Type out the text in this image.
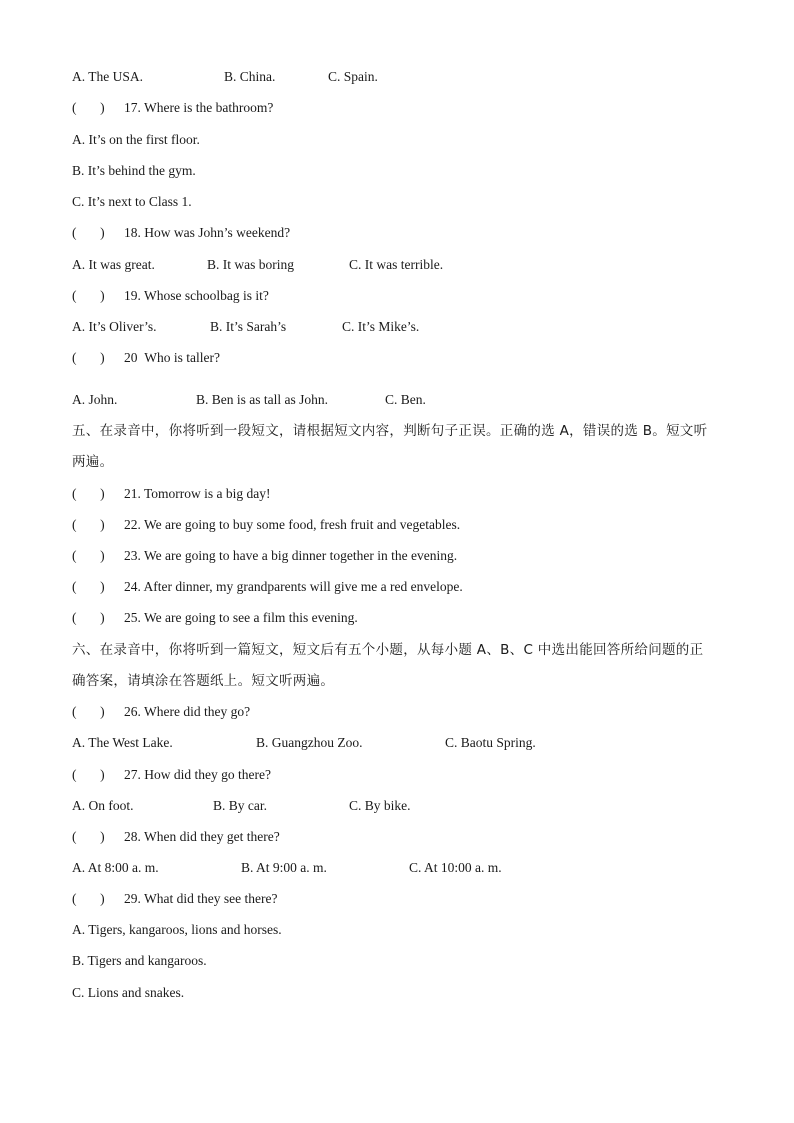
A. The USA.	B. China.	C. Spain.
( ) 17. Where is the bathroom?
A. It’s on the first floor.
B. It’s behind the gym.
C. It’s next to Class 1.
( ) 18. How was John’s weekend?
A. It was great.	B. It was boring	C. It was terrible.
( ) 19. Whose schoolbag is it?
A. It’s Oliver’s.	B. It’s Sarah’s	C. It’s Mike’s.
( ) 20 Who is taller?
A. John.	B. Ben is as tall as John.	C. Ben.
五、在录音中，你将听到一段短文，请根据短文内容，判断句子正误。正确的选 A，错误的选 B。短文听
两遍。
(       ) 21. Tomorrow is a big day!
(       ) 22. We are going to buy some food, fresh fruit and vegetables.
(       ) 23. We are going to have a big dinner together in the evening.
(       ) 24. After dinner, my grandparents will give me a red envelope.
(       ) 25. We are going to see a film this evening.
六、在录音中，你将听到一篇短文，短文后有五个小题，从每小题 A、B、C 中选出能回答所给问题的正
确答案，请填涂在答题纸上。短文听两遍。
(       ) 26. Where did they go?
A. The West Lake.	B. Guangzhou Zoo.	C. Baotu Spring.
(       ) 27. How did they go there?
A. On foot.	B. By car.	C. By bike.
(       ) 28. When did they get there?
A. At 8:00 a. m.	B. At 9:00 a. m.	C. At 10:00 a. m.
(       ) 29. What did they see there?
A. Tigers, kangaroos, lions and horses.
B. Tigers and kangaroos.
C. Lions and snakes.
